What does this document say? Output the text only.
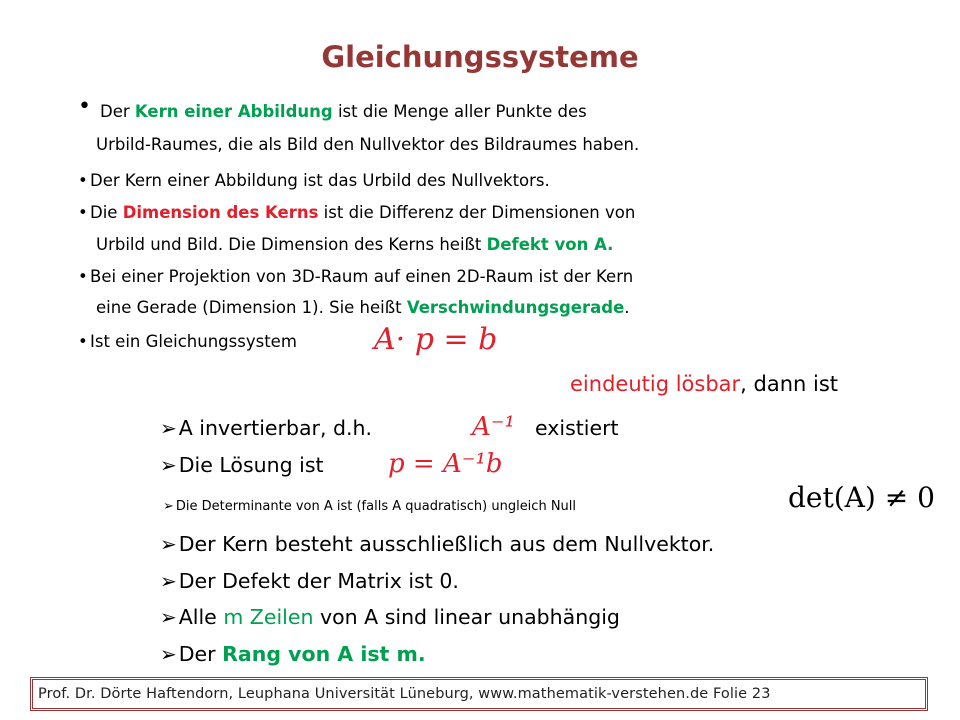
Gleichungssysteme
• Der Kern einer Abbildung ist die Menge aller Punkte des
Urbild-Raumes, die als Bild den Nullvektor des Bildraumes haben.
• Der Kern einer Abbildung ist das Urbild des Nullvektors.
• Die Dimension des Kerns ist die Differenz der Dimensionen von
Urbild und Bild. Die Dimension des Kerns heißt Defekt von A.
• Bei einer Projektion von 3D-Raum auf einen 2D-Raum ist der Kern
eine Gerade (Dimension 1). Sie heißt Verschwindungsgerade.
• Ist ein Gleichungssystem	A· p = b
eindeutig lösbar, dann ist
➢A invertierbar, d.h.	A⁻¹ existiert
➢Die Lösung ist p = A⁻¹b
➢ Die Determinante von A ist (falls A quadratisch) ungleich Null	det(A) ≠ 0
➢Der Kern besteht ausschließlich aus dem Nullvektor.
➢Der Defekt der Matrix ist 0.
➢Alle m Zeilen von A sind linear unabhängig
➢Der Rang von A ist m.
Prof. Dr. Dörte Haftendorn, Leuphana Universität Lüneburg, www.mathematik-verstehen.de Folie 23
